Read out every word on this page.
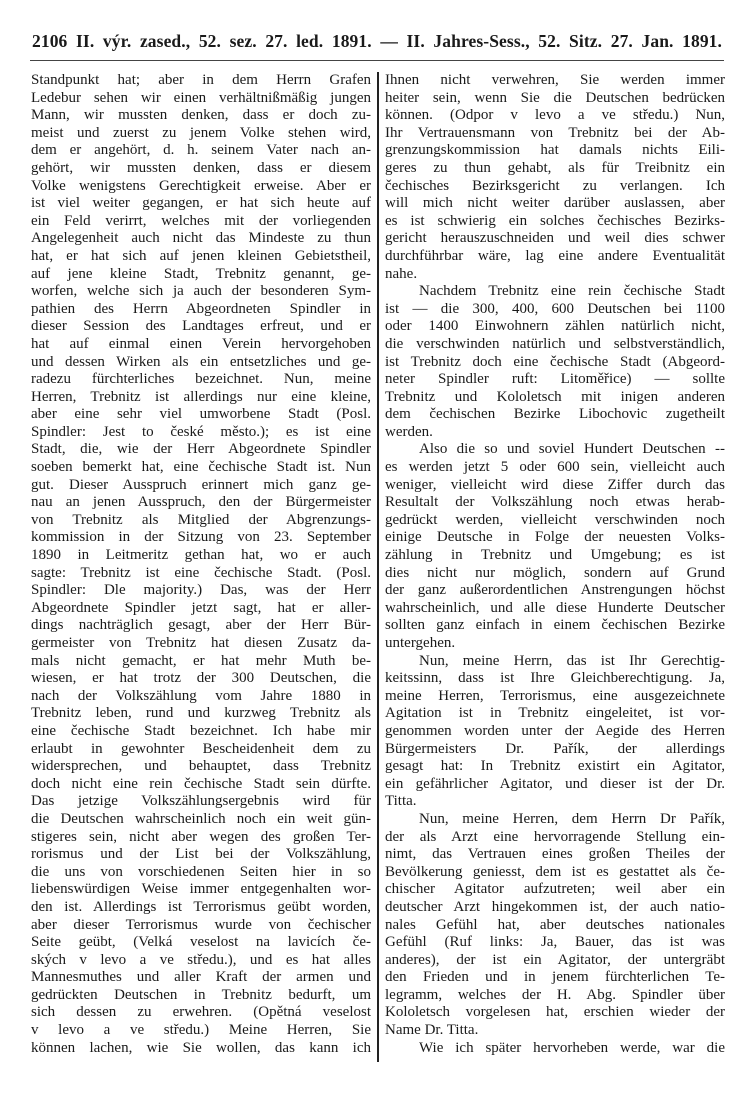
2106 II. výr. zased., 52. sez. 27. led. 1891. — II. Jahres-Sess., 52. Sitz. 27. Jan. 1891.
Standpunkt hat; aber in dem Herrn Grafen
Ledebur sehen wir einen verhältnißmäßig jungen
Mann, wir mussten denken, dass er doch zu-
meist und zuerst zu jenem Volke stehen wird,
dem er angehört, d. h. seinem Vater nach an-
gehört, wir mussten denken, dass er diesem
Volke wenigstens Gerechtigkeit erweise. Aber er
ist viel weiter gegangen, er hat sich heute auf
ein Feld verirrt, welches mit der vorliegenden
Angelegenheit auch nicht das Mindeste zu thun
hat, er hat sich auf jenen kleinen Gebietstheil,
auf jene kleine Stadt, Trebnitz genannt, ge-
worfen, welche sich ja auch der besonderen Sym-
pathien des Herrn Abgeordneten Spindler in
dieser Session des Landtages erfreut, und er
hat auf einmal einen Verein hervorgehoben
und dessen Wirken als ein entsetzliches und ge-
radezu fürchterliches bezeichnet. Nun, meine
Herren, Trebnitz ist allerdings nur eine kleine,
aber eine sehr viel umworbene Stadt (Posl.
Spindler: Jest to české město.); es ist eine
Stadt, die, wie der Herr Abgeordnete Spindler
soeben bemerkt hat, eine čechische Stadt ist. Nun
gut. Dieser Ausspruch erinnert mich ganz ge-
nau an jenen Ausspruch, den der Bürgermeister
von Trebnitz als Mitglied der Abgrenzungs-
kommission in der Sitzung von 23. September
1890 in Leitmeritz gethan hat, wo er auch
sagte: Trebnitz ist eine čechische Stadt. (Posl.
Spindler: Dle majority.) Das, was der Herr
Abgeordnete Spindler jetzt sagt, hat er aller-
dings nachträglich gesagt, aber der Herr Bür-
germeister von Trebnitz hat diesen Zusatz da-
mals nicht gemacht, er hat mehr Muth be-
wiesen, er hat trotz der 300 Deutschen, die
nach der Volkszählung vom Jahre 1880 in
Trebnitz leben, rund und kurzweg Trebnitz als
eine čechische Stadt bezeichnet. Ich habe mir
erlaubt in gewohnter Bescheidenheit dem zu
widersprechen, und behauptet, dass Trebnitz
doch nicht eine rein čechische Stadt sein dürfte.
Das jetzige Volkszählungsergebnis wird für
die Deutschen wahrscheinlich noch ein weit gün-
stigeres sein, nicht aber wegen des großen Ter-
rorismus und der List bei der Volkszählung,
die uns von vorschiedenen Seiten hier in so
liebenswürdigen Weise immer entgegenhalten wor-
den ist. Allerdings ist Terrorismus geübt worden,
aber dieser Terrorismus wurde von čechischer
Seite geübt, (Velká veselost na lavicích če-
ských v levo a ve středu.), und es hat alles
Mannesmuthes und aller Kraft der armen und
gedrückten Deutschen in Trebnitz bedurft, um
sich dessen zu erwehren. (Opětná veselost
v levo a ve středu.) Meine Herren, Sie
können lachen, wie Sie wollen, das kann ich
Ihnen nicht verwehren, Sie werden immer
heiter sein, wenn Sie die Deutschen bedrücken
können. (Odpor v levo a ve středu.) Nun,
Ihr Vertrauensmann von Trebnitz bei der Ab-
grenzungskommission hat damals nichts Eili-
geres zu thun gehabt, als für Treibnitz ein
čechisches Bezirksgericht zu verlangen. Ich
will mich nicht weiter darüber auslassen, aber
es ist schwierig ein solches čechisches Bezirks-
gericht herauszuschneiden und weil dies schwer
durchführbar wäre, lag eine andere Eventualität
nahe.
Nachdem Trebnitz eine rein čechische Stadt
ist — die 300, 400, 600 Deutschen bei 1100
oder 1400 Einwohnern zählen natürlich nicht,
die verschwinden natürlich und selbstverständlich,
ist Trebnitz doch eine čechische Stadt (Abgeord-
neter Spindler ruft: Litoměřice) — sollte
Trebnitz und Kololetsch mit inigen anderen
dem čechischen Bezirke Libochovic zugetheilt
werden.
Also die so und soviel Hundert Deutschen --
es werden jetzt 5 oder 600 sein, vielleicht auch
weniger, vielleicht wird diese Ziffer durch das
Resultalt der Volkszählung noch etwas herab-
gedrückt werden, vielleicht verschwinden noch
einige Deutsche in Folge der neuesten Volks-
zählung in Trebnitz und Umgebung; es ist
dies nicht nur möglich, sondern auf Grund
der ganz außerordentlichen Anstrengungen höchst
wahrscheinlich, und alle diese Hunderte Deutscher
sollten ganz einfach in einem čechischen Bezirke
untergehen.
Nun, meine Herrn, das ist Ihr Gerechtig-
keitssinn, dass ist Ihre Gleichberechtigung. Ja,
meine Herren, Terrorismus, eine ausgezeichnete
Agitation ist in Trebnitz eingeleitet, ist vor-
genommen worden unter der Aegide des Herren
Bürgermeisters Dr. Pařík, der allerdings
gesagt hat: In Trebnitz existirt ein Agitator,
ein gefährlicher Agitator, und dieser ist der Dr.
Titta.
Nun, meine Herren, dem Herrn Dr Pařík,
der als Arzt eine hervorragende Stellung ein-
nimt, das Vertrauen eines großen Theiles der
Bevölkerung geniesst, dem ist es gestattet als če-
chischer Agitator aufzutreten; weil aber ein
deutscher Arzt hingekommen ist, der auch natio-
nales Gefühl hat, aber deutsches nationales
Gefühl (Ruf links: Ja, Bauer, das ist was
anderes), der ist ein Agitator, der untergräbt
den Frieden und in jenem fürchterlichen Te-
legramm, welches der H. Abg. Spindler über
Kololetsch vorgelesen hat, erschien wieder der
Name Dr. Titta.
Wie ich später hervorheben werde, war die
